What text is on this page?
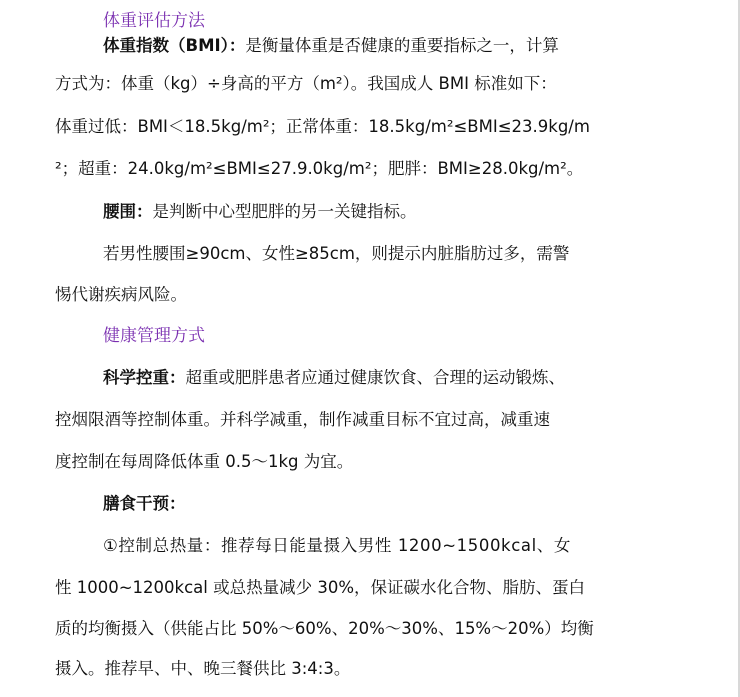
体重评估方法
体重指数（BMI）：是衡量体重是否健康的重要指标之一，计算
方式为：体重（kg）÷身高的平方（m²）。我国成人 BMI 标准如下：
体重过低：BMI＜18.5kg/m²；正常体重：18.5kg/m²≤BMI≤23.9kg/m
²；超重：24.0kg/m²≤BMI≤27.9.0kg/m²；肥胖：BMI≥28.0kg/m²。
腰围：是判断中心型肥胖的另一关键指标。
若男性腰围≥90cm、女性≥85cm，则提示内脏脂肪过多，需警
惕代谢疾病风险。
健康管理方式
科学控重：超重或肥胖患者应通过健康饮食、合理的运动锻炼、
控烟限酒等控制体重。并科学减重，制作减重目标不宜过高，减重速
度控制在每周降低体重 0.5～1kg 为宜。
膳食干预：
①控制总热量：推荐每日能量摄入男性 1200~1500kcal、女
性 1000~1200kcal 或总热量减少 30%，保证碳水化合物、脂肪、蛋白
质的均衡摄入（供能占比 50%～60%、20%～30%、15%～20%）均衡
摄入。推荐早、中、晚三餐供比 3:4:3。
